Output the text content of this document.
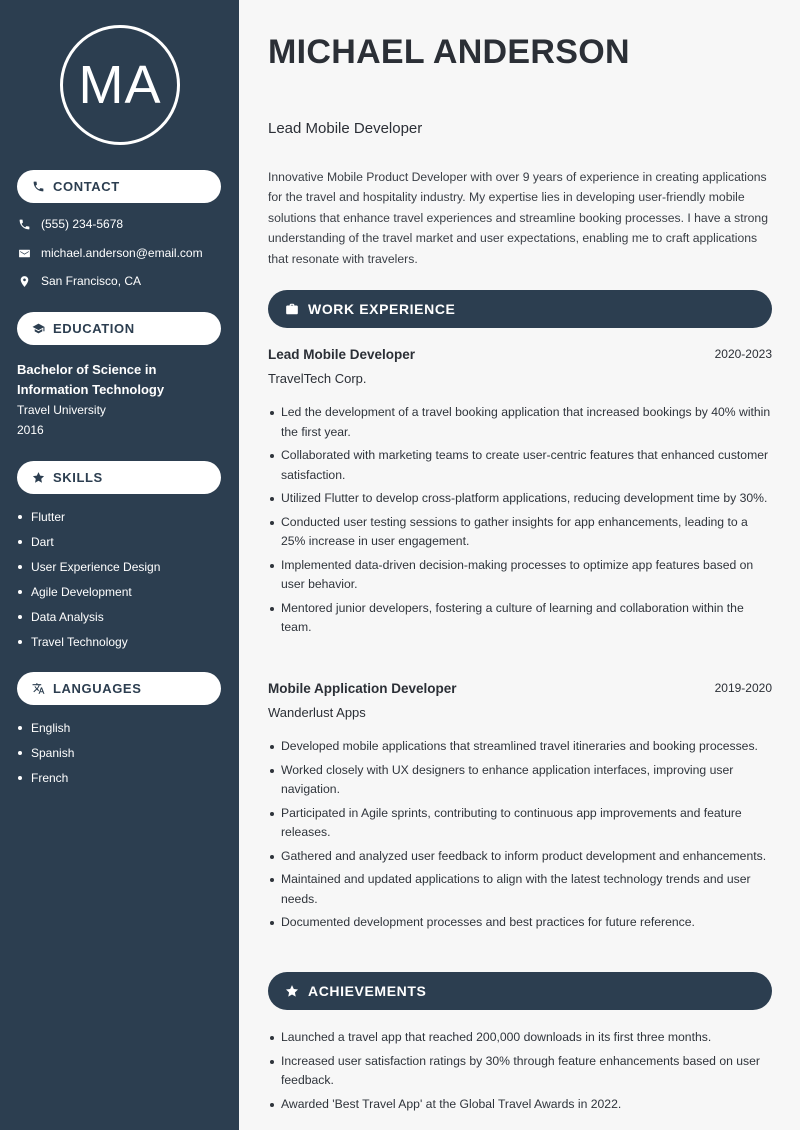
MA
CONTACT
(555) 234-5678
michael.anderson@email.com
San Francisco, CA
EDUCATION
Bachelor of Science in Information Technology
Travel University
2016
SKILLS
Flutter
Dart
User Experience Design
Agile Development
Data Analysis
Travel Technology
LANGUAGES
English
Spanish
French
MICHAEL ANDERSON
Lead Mobile Developer
Innovative Mobile Product Developer with over 9 years of experience in creating applications for the travel and hospitality industry. My expertise lies in developing user-friendly mobile solutions that enhance travel experiences and streamline booking processes. I have a strong understanding of the travel market and user expectations, enabling me to craft applications that resonate with travelers.
WORK EXPERIENCE
Lead Mobile Developer	2020-2023
TravelTech Corp.
Led the development of a travel booking application that increased bookings by 40% within the first year.
Collaborated with marketing teams to create user-centric features that enhanced customer satisfaction.
Utilized Flutter to develop cross-platform applications, reducing development time by 30%.
Conducted user testing sessions to gather insights for app enhancements, leading to a 25% increase in user engagement.
Implemented data-driven decision-making processes to optimize app features based on user behavior.
Mentored junior developers, fostering a culture of learning and collaboration within the team.
Mobile Application Developer	2019-2020
Wanderlust Apps
Developed mobile applications that streamlined travel itineraries and booking processes.
Worked closely with UX designers to enhance application interfaces, improving user navigation.
Participated in Agile sprints, contributing to continuous app improvements and feature releases.
Gathered and analyzed user feedback to inform product development and enhancements.
Maintained and updated applications to align with the latest technology trends and user needs.
Documented development processes and best practices for future reference.
ACHIEVEMENTS
Launched a travel app that reached 200,000 downloads in its first three months.
Increased user satisfaction ratings by 30% through feature enhancements based on user feedback.
Awarded 'Best Travel App' at the Global Travel Awards in 2022.
